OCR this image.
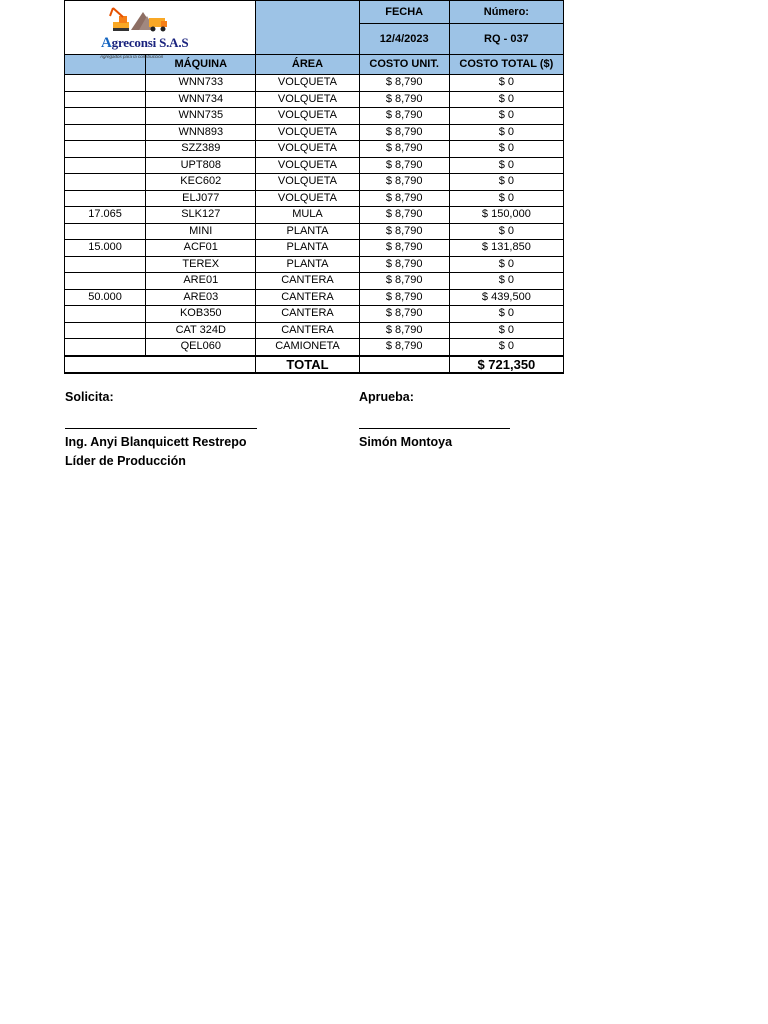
Agreconsi S.A.S
Agregados para la construcción			FECHA	Número:
			12/4/2023	RQ - 037
	MÁQUINA	ÁREA	COSTO UNIT.	COSTO TOTAL ($)
	WNN733	VOLQUETA	$ 8,790	$ 0
	WNN734	VOLQUETA	$ 8,790	$ 0
	WNN735	VOLQUETA	$ 8,790	$ 0
	WNN893	VOLQUETA	$ 8,790	$ 0
	SZZ389	VOLQUETA	$ 8,790	$ 0
	UPT808	VOLQUETA	$ 8,790	$ 0
	KEC602	VOLQUETA	$ 8,790	$ 0
	ELJ077	VOLQUETA	$ 8,790	$ 0
17.065	SLK127	MULA	$ 8,790	$ 150,000
	MINI	PLANTA	$ 8,790	$ 0
15.000	ACF01	PLANTA	$ 8,790	$ 131,850
	TEREX	PLANTA	$ 8,790	$ 0
	ARE01	CANTERA	$ 8,790	$ 0
50.000	ARE03	CANTERA	$ 8,790	$ 439,500
	KOB350	CANTERA	$ 8,790	$ 0
	CAT 324D	CANTERA	$ 8,790	$ 0
	QEL060	CAMIONETA	$ 8,790	$ 0
		TOTAL		$ 721,350
Solicita:	Aprueba:
Ing. Anyi Blanquicett Restrepo
Líder de Producción
Simón Montoya
